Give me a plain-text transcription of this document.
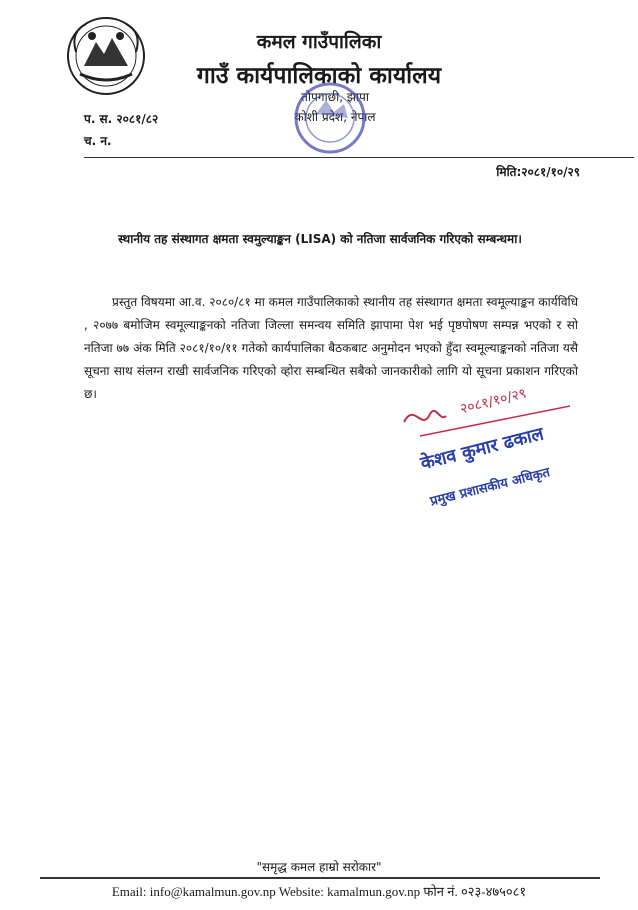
कमल गाउँपालिका
गाउँ कार्यपालिकाको कार्यालय
तोपगाछी, झापा
कोशी प्रदेश, नेपाल
प. स. २०८१/८२
च. न.
मिति:२०८१/१०/२९
स्थानीय तह संस्थागत क्षमता स्वमुल्याङ्कन (LISA) को नतिजा सार्वजनिक गरिएको सम्बन्धमा।
प्रस्तुत विषयमा आ.व. २०८०/८१ मा कमल गाउँपालिकाको स्थानीय तह संस्थागत क्षमता स्वमूल्याङ्कन कार्यविधि , २०७७ बमोजिम स्वमूल्याङ्कनको नतिजा जिल्ला समन्वय समिति झापामा पेश भई पृष्ठपोषण सम्पन्न भएको र सो नतिजा ७७ अंक मिति २०८१/१०/११ गतेको कार्यपालिका बैठकबाट अनुमोदन भएको हुँदा स्वमूल्याङ्कनको नतिजा यसै सूचना साथ संलग्न राखी सार्वजनिक गरिएको व्होरा सम्बन्धित सबैको जानकारीको लागि यो सूचना प्रकाशन गरिएको छ।	२०८१/१०/२९
केशव कुमार ढकाल
प्रमुख प्रशासकीय अधिकृत
"समृद्ध कमल हाम्रो सरोकार"
Email: info@kamalmun.gov.np Website: kamalmun.gov.np फोन नं. ०२३-४७५०८१
